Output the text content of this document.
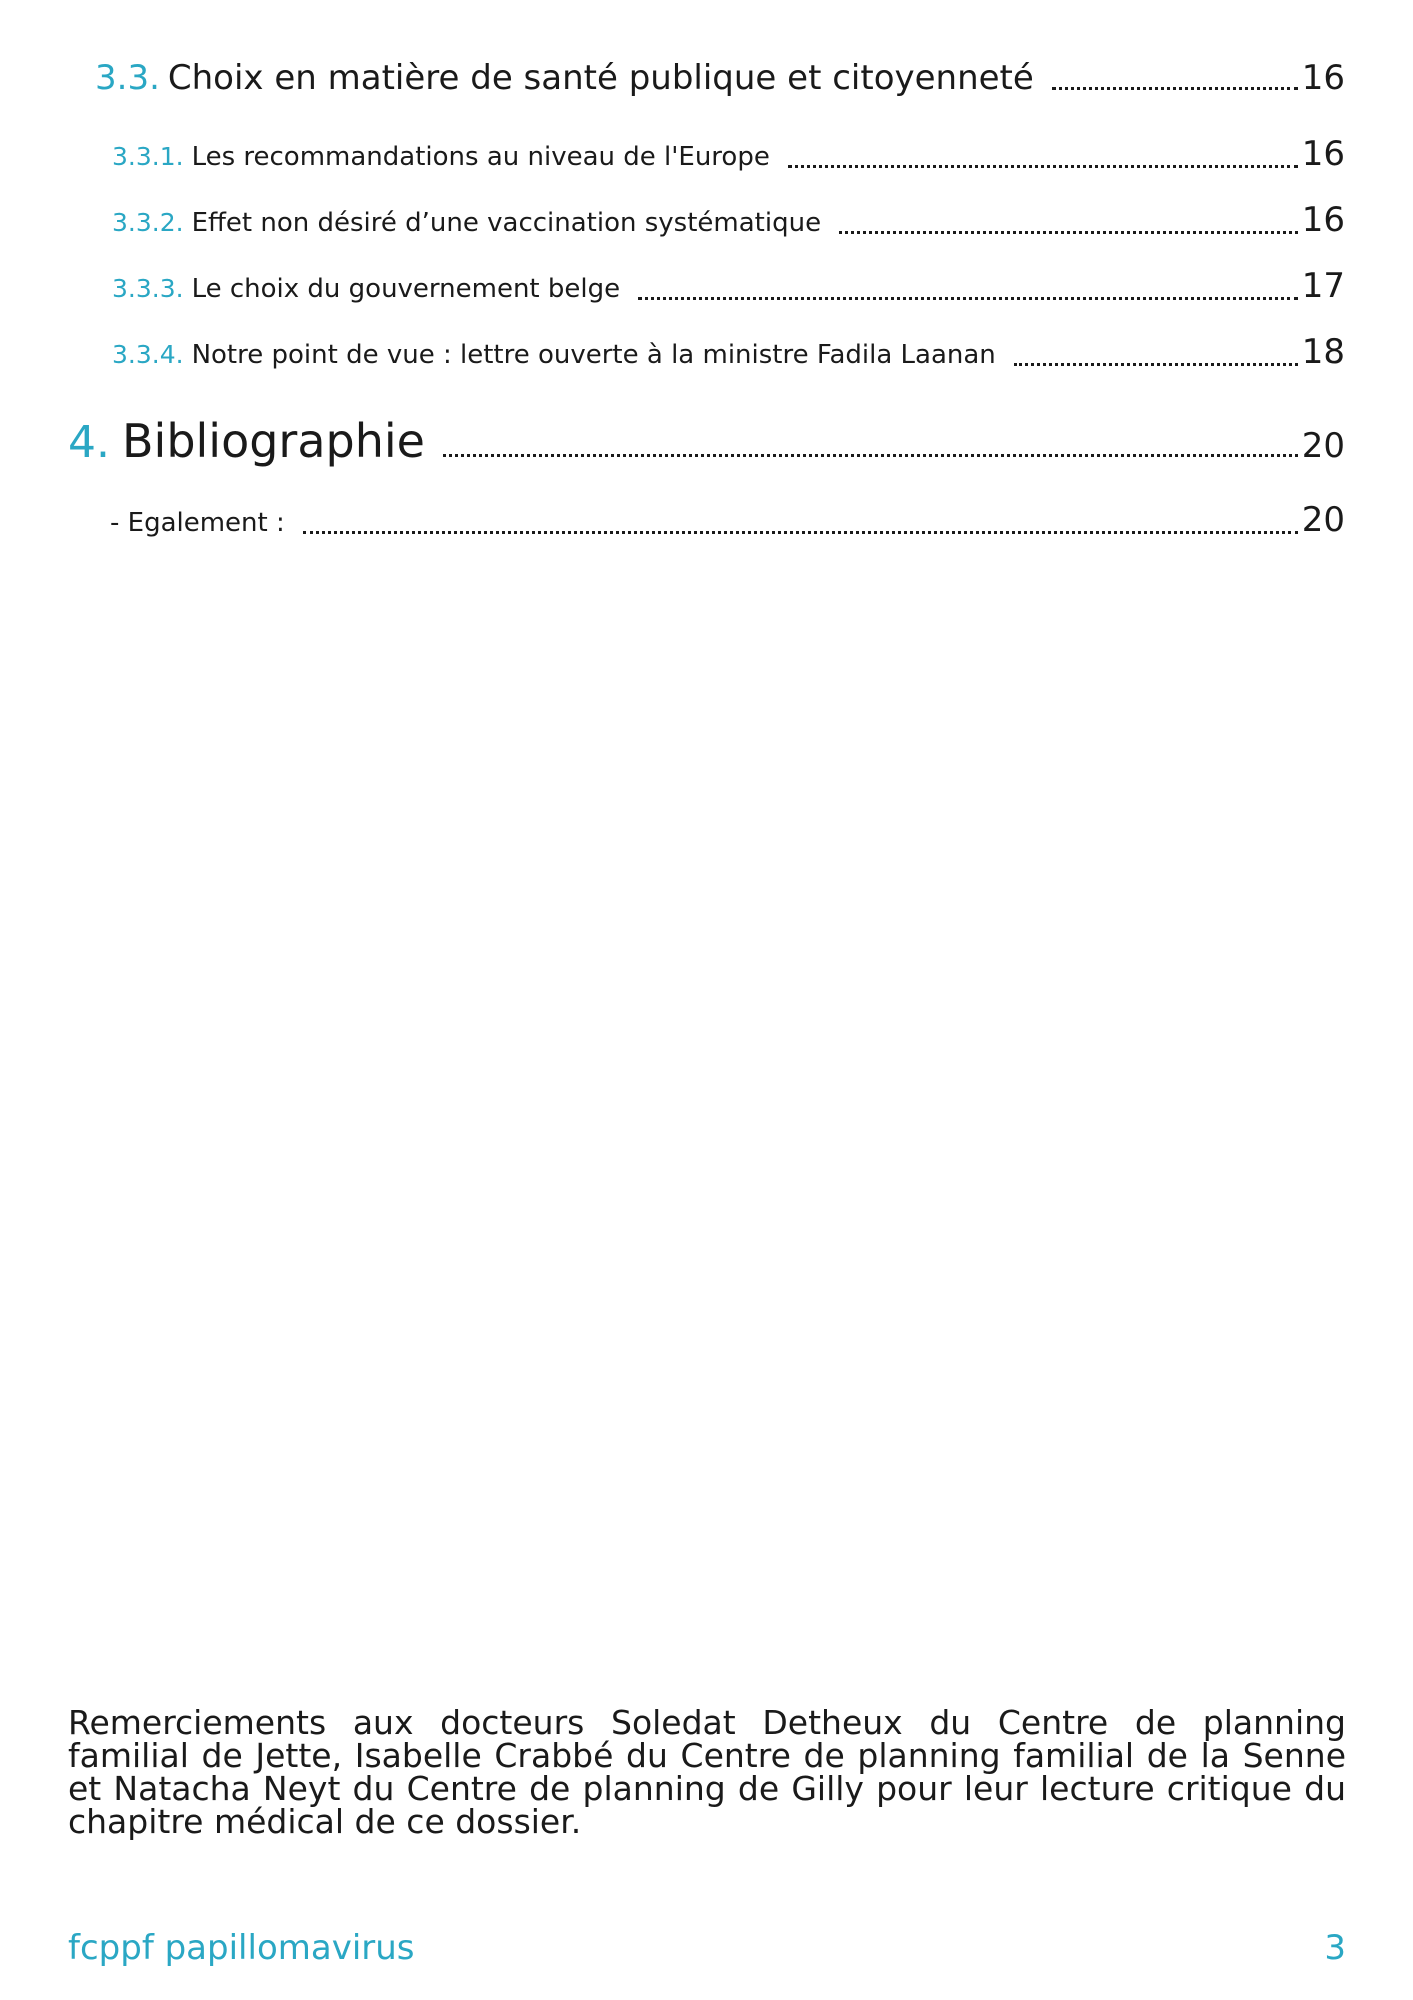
3.3. Choix en matière de santé publique et citoyenneté	16
3.3.1. Les recommandations au niveau de l'Europe	16
3.3.2. Effet non désiré d’une vaccination systématique	16
3.3.3. Le choix du gouvernement belge	17
3.3.4. Notre point de vue : lettre ouverte à la ministre Fadila Laanan	18
4. Bibliographie	20
- Egalement :	20
Remerciements aux docteurs Soledat Detheux du Centre de planning familial de Jette, Isabelle Crabbé du Centre de planning familial de la Senne et Natacha Neyt du Centre de planning de Gilly pour leur lecture critique du chapitre médical de ce dossier.
fcppf papillomavirus	3
